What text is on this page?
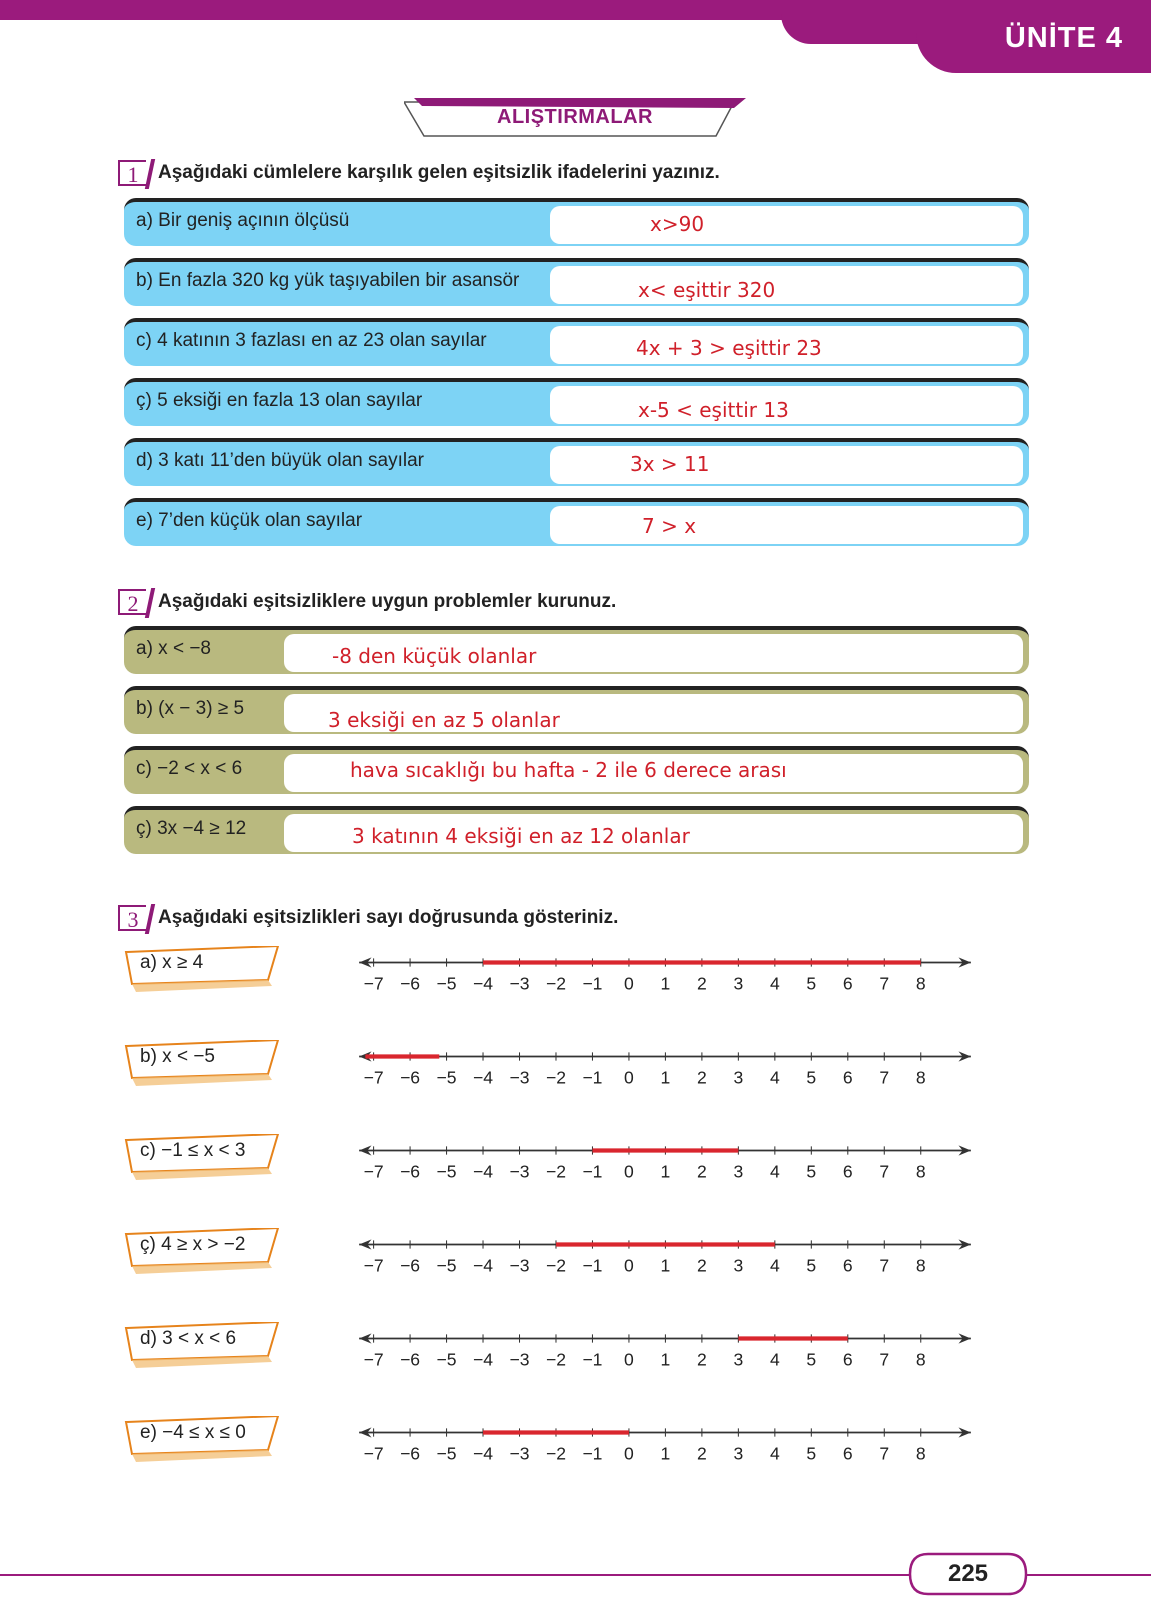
ÜNİTE 4
ALIŞTIRMALAR
1	Aşağıdaki cümlelere karşılık gelen eşitsizlik ifadelerini yazınız.
a) Bir geniş açının ölçüsü	x>90
b) En fazla 320 kg yük taşıyabilen bir asansör	x< eşittir 320
c) 4 katının 3 fazlası en az 23 olan sayılar	4x + 3 > eşittir 23
ç) 5 eksiği en fazla 13 olan sayılar	x-5 < eşittir 13
d) 3 katı 11’den büyük olan sayılar	3x > 11
e) 7’den küçük olan sayılar	7 > x
2	Aşağıdaki eşitsizliklere uygun problemler kurunuz.
a) x < −8	-8 den küçük olanlar
b) (x − 3) ≥ 5	3 eksiği en az 5 olanlar
c) −2 < x < 6	hava sıcaklığı bu hafta - 2 ile 6 derece arası
ç) 3x −4 ≥ 12	3 katının 4 eksiği en az 12 olanlar
3	Aşağıdaki eşitsizlikleri sayı doğrusunda gösteriniz.
a) x ≥ 4
−7 −6 −5 −4 −3 −2 −1 0 1 2 3 4 5 6 7 8
b) x < −5
−7 −6 −5 −4 −3 −2 −1 0 1 2 3 4 5 6 7 8
c) −1 ≤ x < 3
−7 −6 −5 −4 −3 −2 −1 0 1 2 3 4 5 6 7 8
ç) 4 ≥ x > −2
−7 −6 −5 −4 −3 −2 −1 0 1 2 3 4 5 6 7 8
d) 3 < x < 6
−7 −6 −5 −4 −3 −2 −1 0 1 2 3 4 5 6 7 8
e) −4 ≤ x ≤ 0
−7 −6 −5 −4 −3 −2 −1 0 1 2 3 4 5 6 7 8
225
